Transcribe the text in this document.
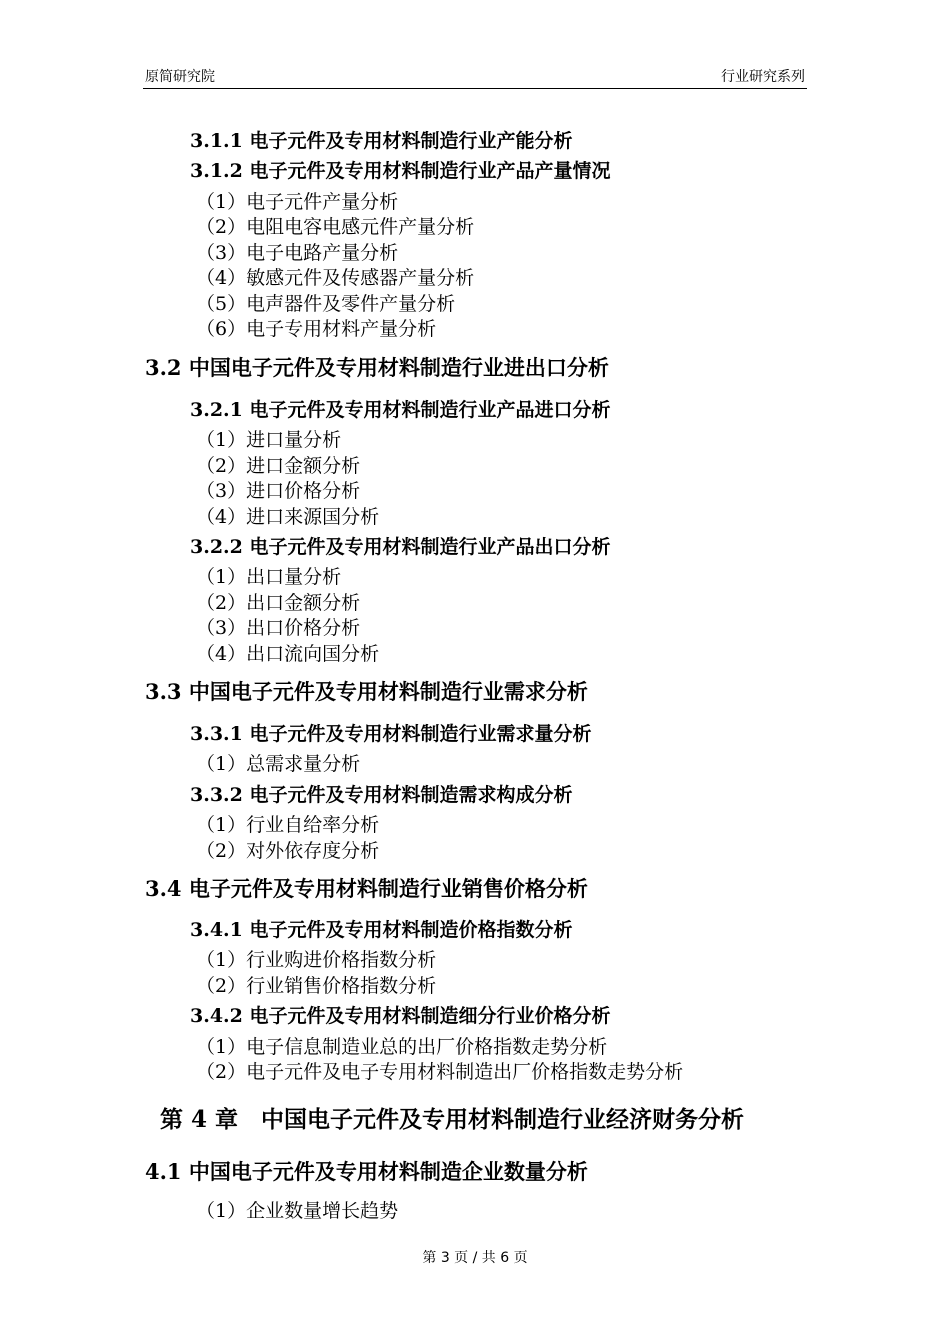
原简研究院	行业研究系列
3.1.1 电子元件及专用材料制造行业产能分析
3.1.2 电子元件及专用材料制造行业产品产量情况
（1）电子元件产量分析
（2）电阻电容电感元件产量分析
（3）电子电路产量分析
（4）敏感元件及传感器产量分析
（5）电声器件及零件产量分析
（6）电子专用材料产量分析
3.2 中国电子元件及专用材料制造行业进出口分析
3.2.1 电子元件及专用材料制造行业产品进口分析
（1）进口量分析
（2）进口金额分析
（3）进口价格分析
（4）进口来源国分析
3.2.2 电子元件及专用材料制造行业产品出口分析
（1）出口量分析
（2）出口金额分析
（3）出口价格分析
（4）出口流向国分析
3.3 中国电子元件及专用材料制造行业需求分析
3.3.1 电子元件及专用材料制造行业需求量分析
（1）总需求量分析
3.3.2 电子元件及专用材料制造需求构成分析
（1）行业自给率分析
（2）对外依存度分析
3.4 电子元件及专用材料制造行业销售价格分析
3.4.1 电子元件及专用材料制造价格指数分析
（1）行业购进价格指数分析
（2）行业销售价格指数分析
3.4.2 电子元件及专用材料制造细分行业价格分析
（1）电子信息制造业总的出厂价格指数走势分析
（2）电子元件及电子专用材料制造出厂价格指数走势分析
第 4 章　中国电子元件及专用材料制造行业经济财务分析
4.1 中国电子元件及专用材料制造企业数量分析
（1）企业数量增长趋势
第 3 页 / 共 6 页
